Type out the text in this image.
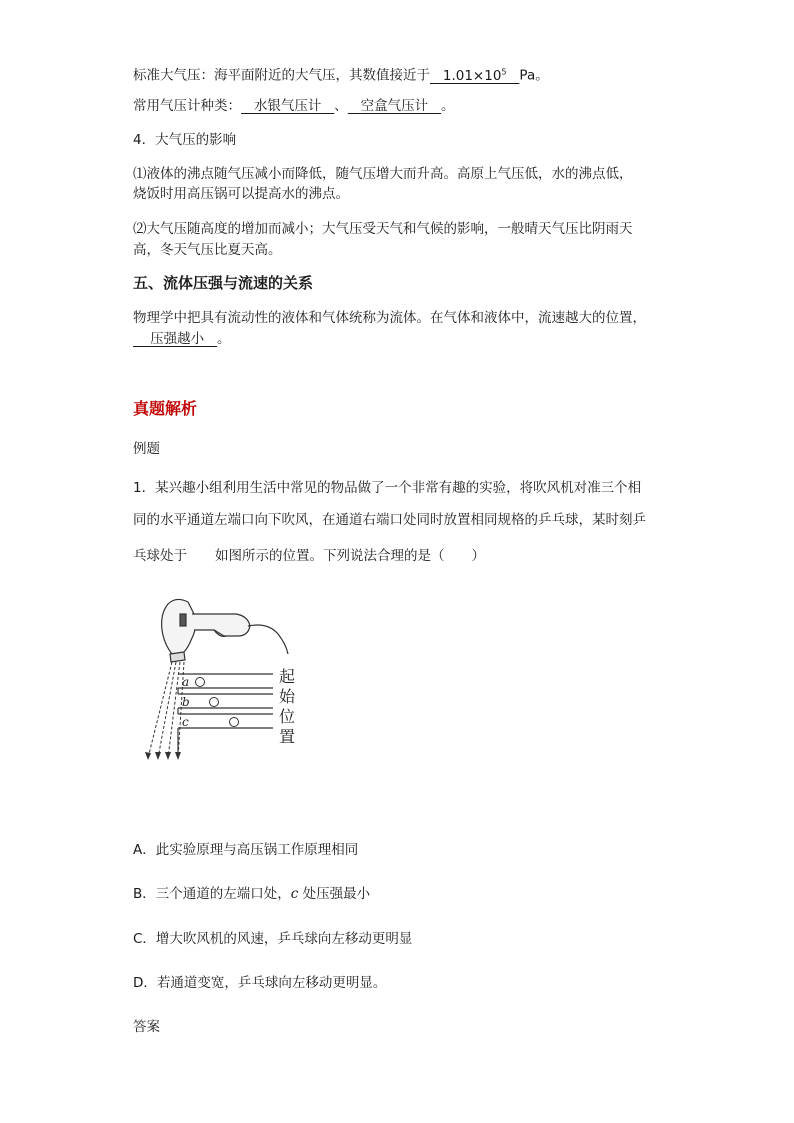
标准大气压：海平面附近的大气压，其数值接近于 $1.01\times 10^5$ Pa。
常用气压计种类： 水银气压计 、 空盒气压计 。
4．大气压的影响
⑴液体的沸点随气压减小而降低，随气压增大而升高。高原上气压低，水的沸点低，
烧饭时用高压锅可以提高水的沸点。
⑵大气压随高度的增加而减小；大气压受天气和气候的影响，一般晴天气压比阴雨天
高，冬天气压比夏天高。
五、流体压强与流速的关系
物理学中把具有流动性的液体和气体统称为流体。在气体和液体中，流速越大的位置，
压强越小 。
真题解析
例题
1．某兴趣小组利用生活中常见的物品做了一个非常有趣的实验，将吹风机对准三个相
同的水平通道左端口向下吹风，在通道右端口处同时放置相同规格的乒乓球，某时刻乒
乓球处于 如图所示的位置。下列说法合理的是（　　）
a
b
c
起
始
位
置
A．此实验原理与高压锅工作原理相同
B．三个通道的左端口处，c 处压强最小
C．增大吹风机的风速，乒乓球向左移动更明显
D．若通道变宽，乒乓球向左移动更明显。
答案
